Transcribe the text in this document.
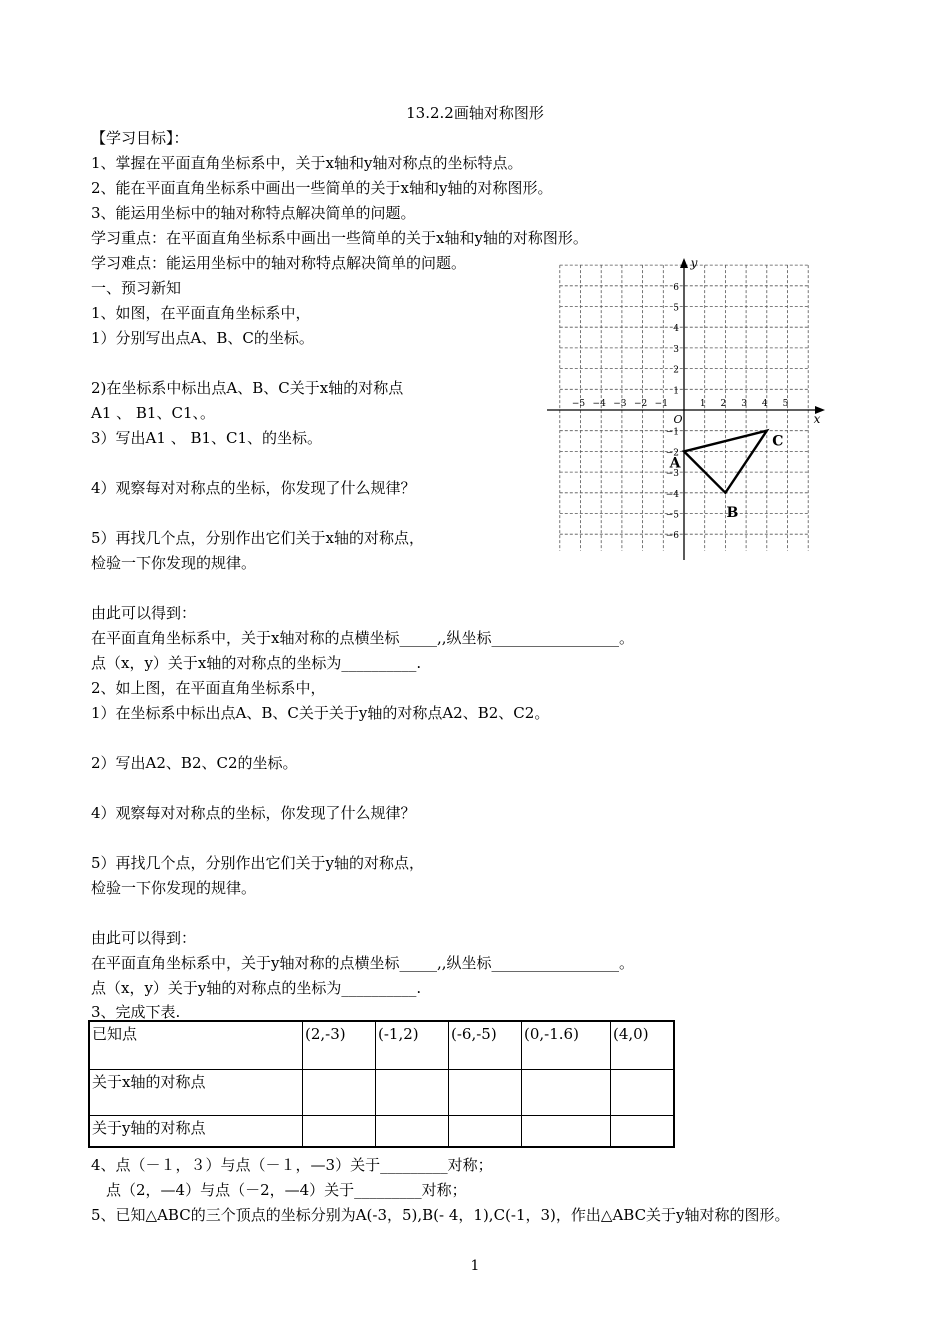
13.2.2画轴对称图形
【学习目标】：
1、掌握在平面直角坐标系中，关于x轴和y轴对称点的坐标特点。
2、能在平面直角坐标系中画出一些简单的关于x轴和y轴的对称图形。
3、能运用坐标中的轴对称特点解决简单的问题。
学习重点：在平面直角坐标系中画出一些简单的关于x轴和y轴的对称图形。
学习难点：能运用坐标中的轴对称特点解决简单的问题。
一、预习新知
1、如图，在平面直角坐标系中，
1）分别写出点A、B、C的坐标。
2)在坐标系中标出点A、B、C关于x轴的对称点
A1 、 B1、C1、。
3）写出A1 、 B1、C1、的坐标。
4）观察每对对称点的坐标，你发现了什么规律？
5）再找几个点，分别作出它们关于x轴的对称点，
检验一下你发现的规律。
由此可以得到：
在平面直角坐标系中，关于x轴对称的点横坐标_____,,纵坐标_________________。
点（x，y）关于x轴的对称点的坐标为__________.
2、如上图，在平面直角坐标系中，
1）在坐标系中标出点A、B、C关于关于y轴的对称点A2、B2、C2。
2）写出A2、B2、C2的坐标。
4）观察每对对称点的坐标，你发现了什么规律？
5）再找几个点，分别作出它们关于y轴的对称点，
检验一下你发现的规律。
由此可以得到：
在平面直角坐标系中，关于y轴对称的点横坐标_____,,纵坐标_________________。
点（x，y）关于y轴的对称点的坐标为__________.
3、完成下表.
已知点	(2,-3)	(-1,2)	(-6,-5)	(0,-1.6)	(4,0)
关于x轴的对称点					
关于y轴的对称点					
4、点（－１，３）与点（－１，—3）关于_________对称；
点（2，—4）与点（－2，—4）关于_________对称；
5、已知△ABC的三个顶点的坐标分别为A(-3，5),B(- 4，1),C(-1，3)，作出△ABC关于y轴对称的图形。
1
x
y
O
−5 −4 −3 −2 −1	1 2 3 4 5
6
5
4
3
2
1
−1
−2
−3
−4
−5
−6
A
B
C
